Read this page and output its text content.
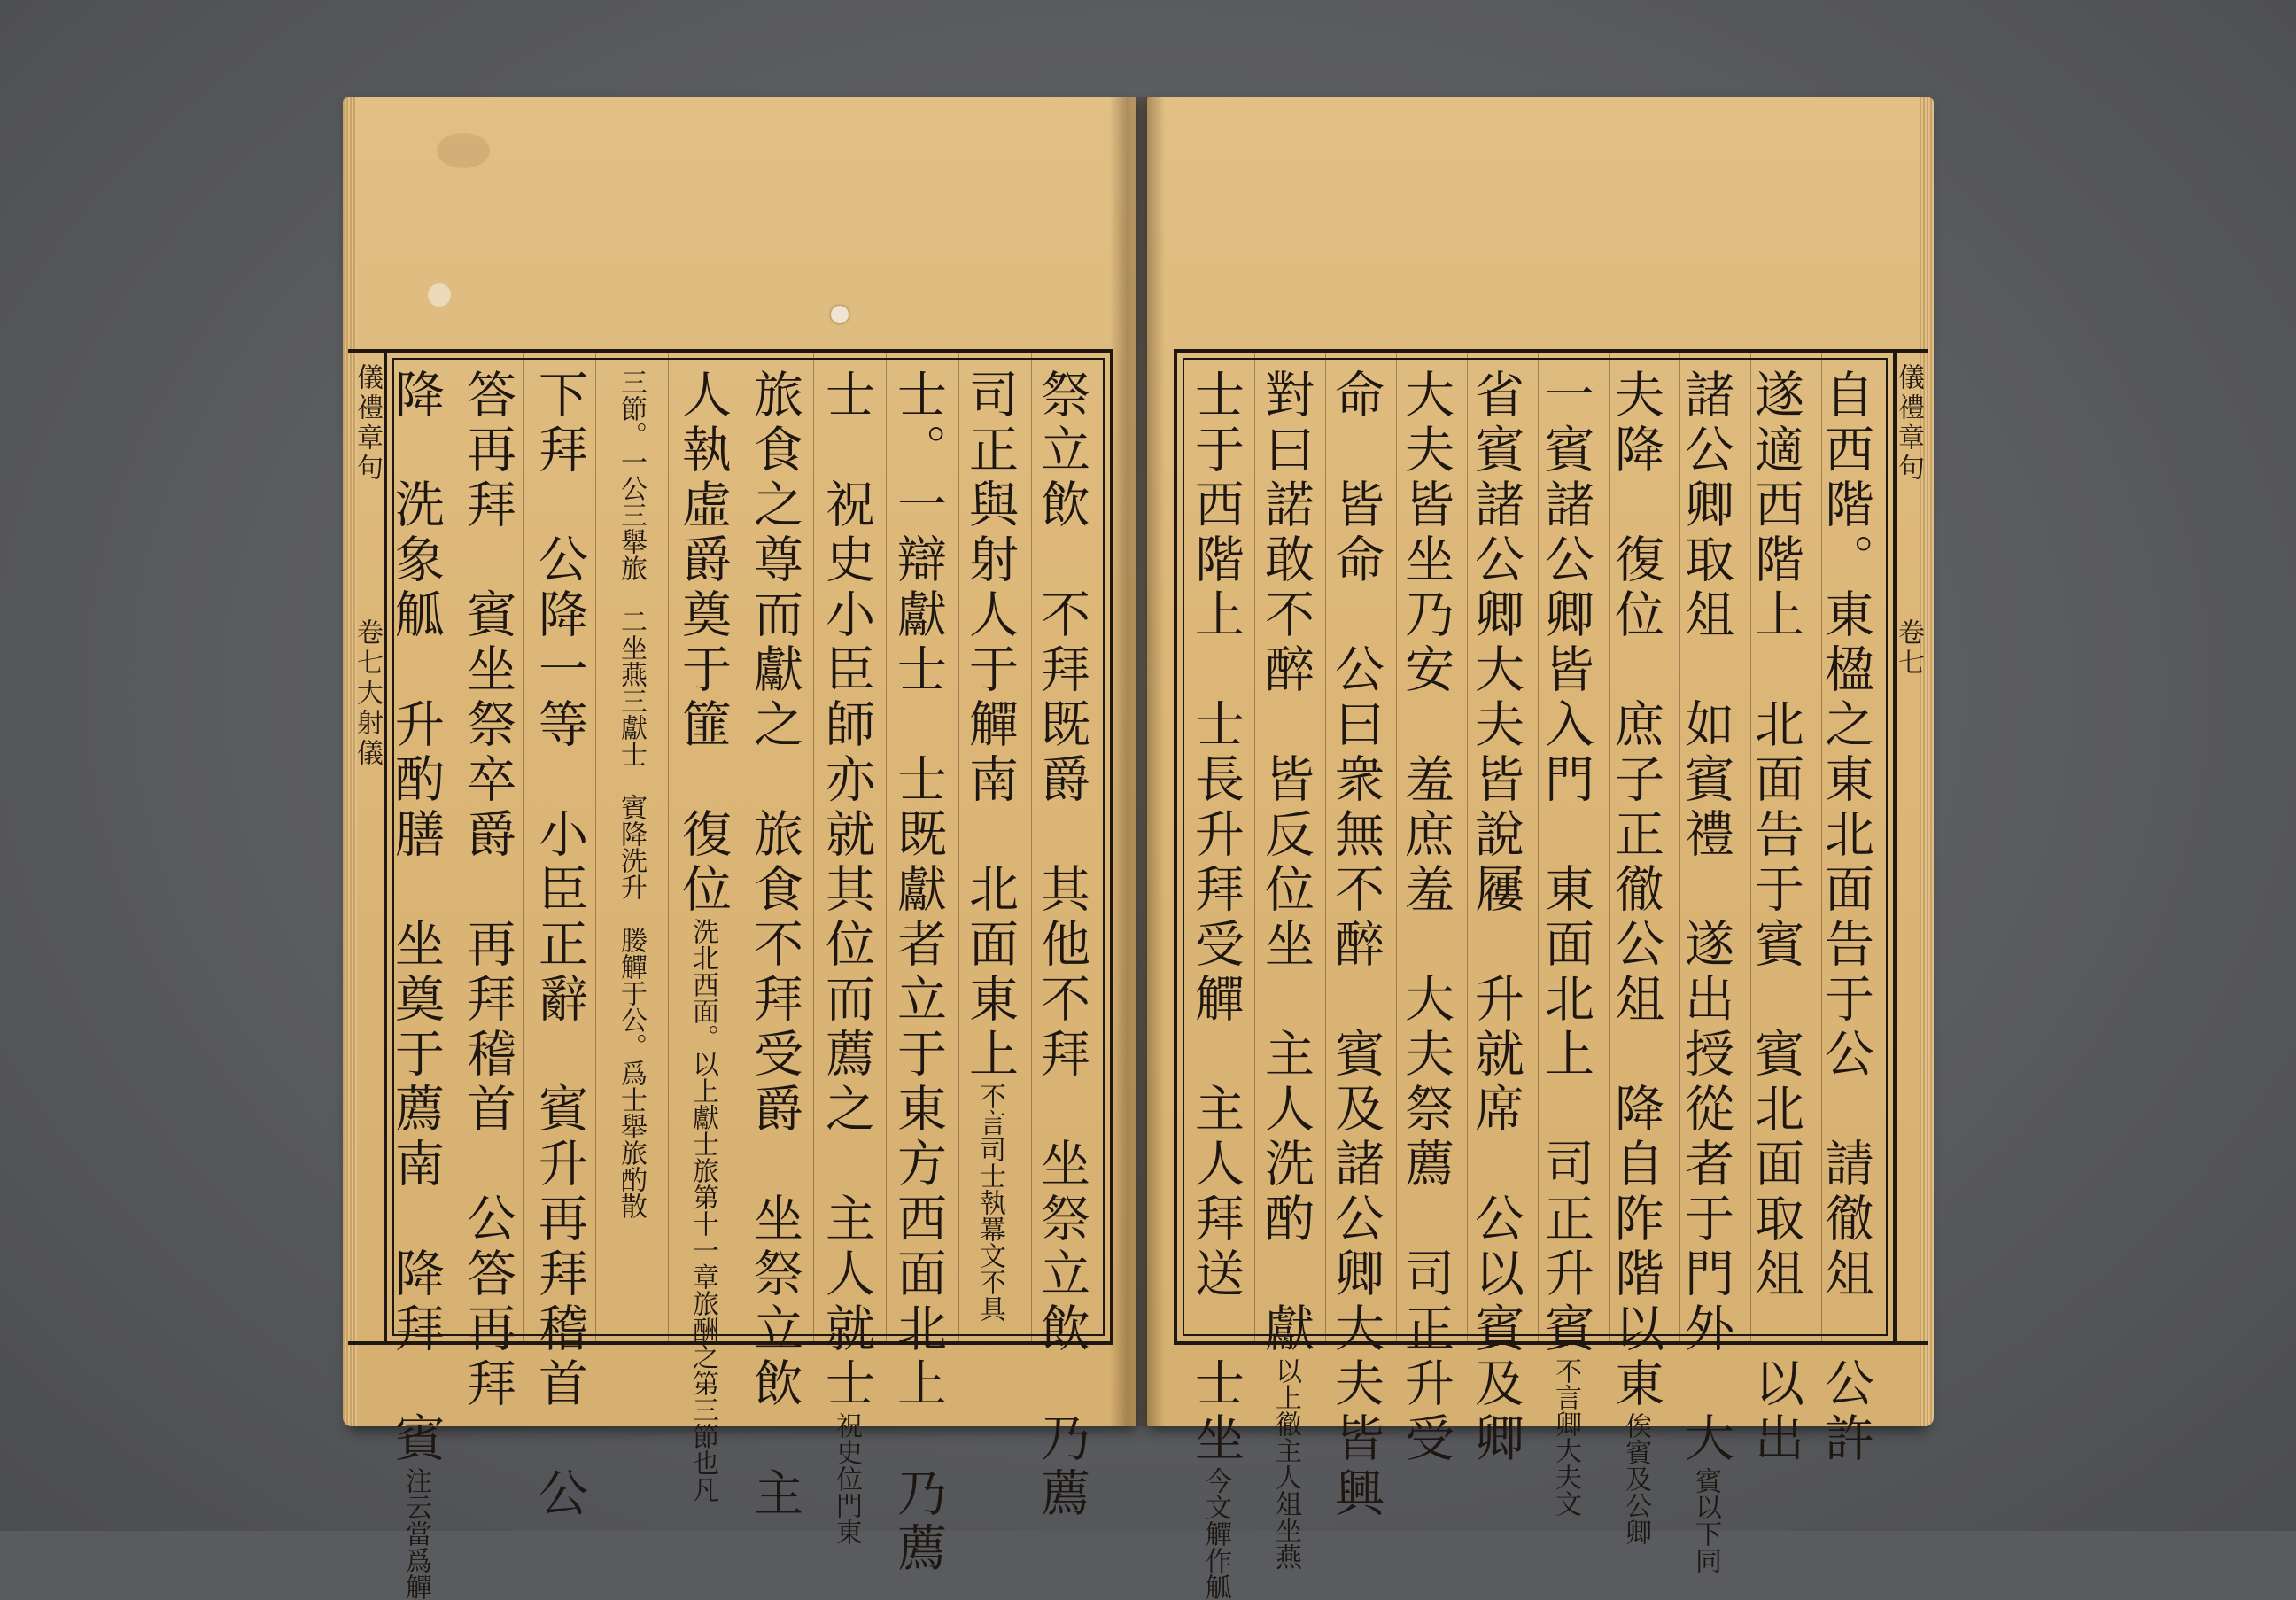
儀禮章句
卷七大射儀	祭立飲　不拜既爵　其他不拜　坐祭立飲　乃薦
司正與射人于觶南　北面東上不言司士執羃文不具
士。一辯獻士　士既獻者立于東方西面北上　乃薦
士　祝史小臣師亦就其位而薦之　主人就士祝史位門東
旅食之尊而獻之　旅食不拜受爵　坐祭立飲　主
人執虛爵奠于篚　復位洗北西面。以上獻士旅第十一章旅酬之第三節也凡
三節。一公三舉旅　二坐燕三獻士　賓降洗升　媵觶于公。爲士舉旅酌散
下拜　公降一等　小臣正辭　賓升再拜稽首　公
答再拜　賓坐祭卒爵　再拜稽首　公答再拜
降　洗象觚　升酌膳　坐奠于薦南　降拜　賓注云當爲觶
自西階。東楹之東北面告于公　請徹俎　公許
遂適西階上　北面告于賓　賓北面取俎　以出
諸公卿取俎　如賓禮　遂出授從者于門外　大賓以下同
夫降　復位　庶子正徹公俎　降自阼階以東俟賓及公卿
一賓諸公卿皆入門　東面北上　司正升賓不言卿大夫文
省賓諸公卿大夫皆說屨　升就席　公以賓及卿
大夫皆坐乃安　羞庶羞　大夫祭薦　司正升受
命　皆命　公曰衆無不醉　賓及諸公卿大夫皆興
對曰諾敢不醉　皆反位坐　主人洗酌　獻以上徹主人俎坐燕
士于西階上　士長升拜受觶　主人拜送　士坐今文觶作觚
儀禮章句
卷七
